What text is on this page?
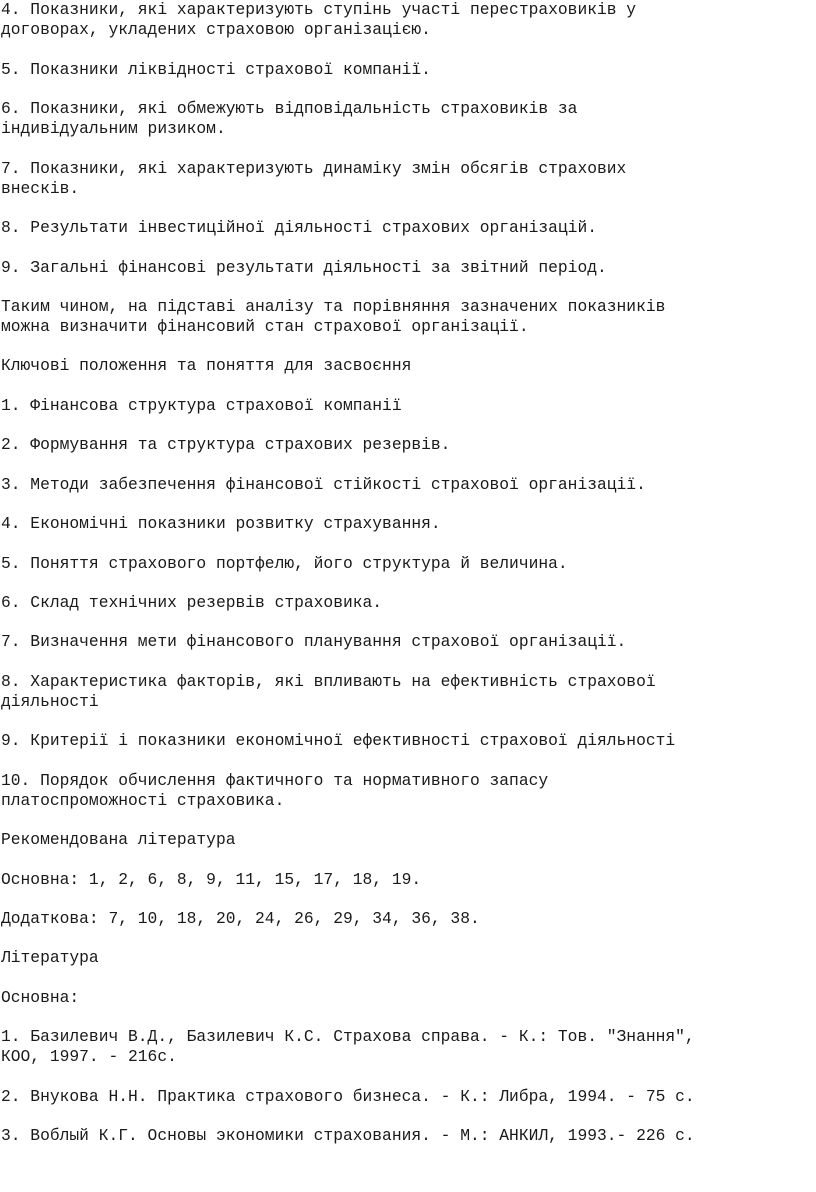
4. Показники, які характеризують ступінь участі перестраховиків у
договорах, укладених страховою організацією.
5. Показники ліквідності страхової компанії.
6. Показники, які обмежують відповідальність страховиків за
індивідуальним ризиком.
7. Показники, які характеризують динаміку змін обсягів страхових
внесків.
8. Результати інвестиційної діяльності страхових організацій.
9. Загальні фінансові результати діяльності за звітний період.
Таким чином, на підставі аналізу та порівняння зазначених показників
можна визначити фінансовий стан страхової організації.
Ключові положення та поняття для засвоєння
1. Фінансова структура страхової компанії
2. Формування та структура страхових резервів.
3. Методи забезпечення фінансової стійкості страхової організації.
4. Економічні показники розвитку страхування.
5. Поняття страхового портфелю, його структура й величина.
6. Склад технічних резервів страховика.
7. Визначення мети фінансового планування страхової організації.
8. Характеристика факторів, які впливають на ефективність страхової
діяльності
9. Критерії і показники економічної ефективності страхової діяльності
10. Порядок обчислення фактичного та нормативного запасу
платоспроможності страховика.
Рекомендована література
Основна: 1, 2, 6, 8, 9, 11, 15, 17, 18, 19.
Додаткова: 7, 10, 18, 20, 24, 26, 29, 34, 36, 38.
Література
Основна:
1. Базилевич В.Д., Базилевич К.С. Страхова справа. - К.: Тов. "Знання",
КОО, 1997. - 216с.
2. Внукова Н.Н. Практика страхового бизнеса. - К.: Либра, 1994. - 75 с.
3. Воблый К.Г. Основы экономики страхования. - М.: АНКИЛ, 1993.- 226 с.
